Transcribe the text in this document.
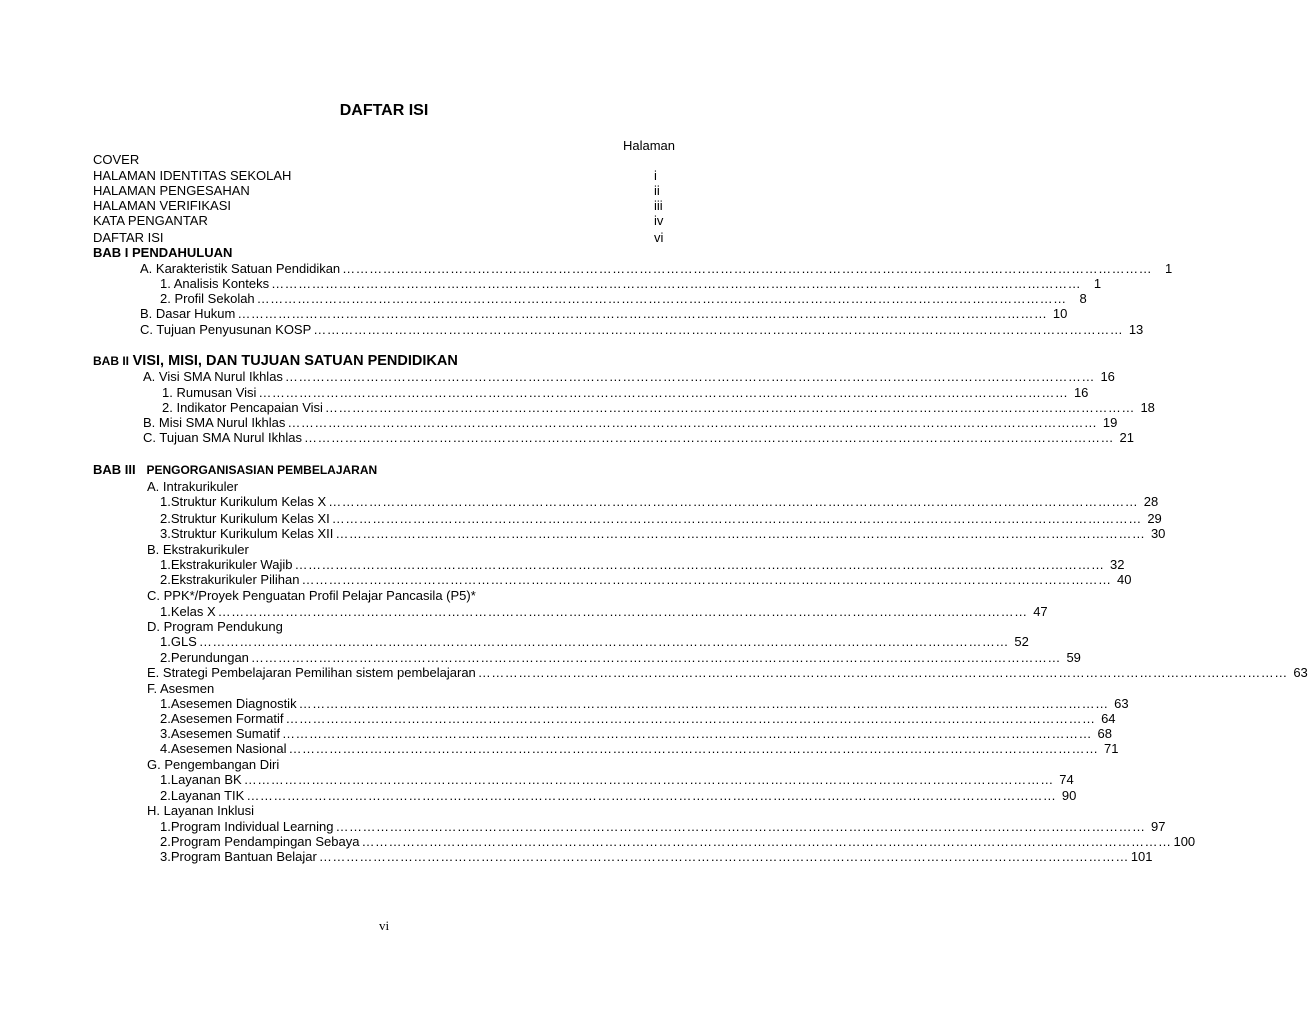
DAFTAR ISI
Halaman
COVER
HALAMAN IDENTITAS SEKOLAH	i
HALAMAN PENGESAHAN	ii
HALAMAN VERIFIKASI	iii
KATA PENGANTAR	iv
DAFTAR ISI	vi
BAB I PENDAHULUAN
A. Karakteristik Satuan Pendidikan ………………………………………………………………………………………………………………………………………………………………	1
1. Analisis Konteks ………………………………………………………………………………………………………………………………………………………………	1
2. Profil Sekolah ………………………………………………………………………………………………………………………………………………………………	8
B. Dasar Hukum ………………………………………………………………………………………………………………………………………………………………	10
C. Tujuan Penyusunan KOSP ………………………………………………………………………………………………………………………………………………………………	13
BAB II VISI, MISI, DAN TUJUAN SATUAN PENDIDIKAN
A. Visi SMA Nurul Ikhlas ………………………………………………………………………………………………………………………………………………………………	16
1. Rumusan Visi ………………………………………………………………………………………………………………………………………………………………	16
2. Indikator Pencapaian Visi ………………………………………………………………………………………………………………………………………………………………	18
B. Misi SMA Nurul Ikhlas ………………………………………………………………………………………………………………………………………………………………	19
C. Tujuan SMA Nurul Ikhlas ………………………………………………………………………………………………………………………………………………………………	21
BAB III PENGORGANISASIAN PEMBELAJARAN
A. Intrakurikuler
1.Struktur Kurikulum Kelas X ………………………………………………………………………………………………………………………………………………………………	28
2.Struktur Kurikulum Kelas XI ………………………………………………………………………………………………………………………………………………………………	29
3.Struktur Kurikulum Kelas XII ………………………………………………………………………………………………………………………………………………………………	30
B. Ekstrakurikuler
1.Ekstrakurikuler Wajib ………………………………………………………………………………………………………………………………………………………………	32
2.Ekstrakurikuler Pilihan ………………………………………………………………………………………………………………………………………………………………	40
C. PPK*/Proyek Penguatan Profil Pelajar Pancasila (P5)*
1.Kelas X ………………………………………………………………………………………………………………………………………………………………	47
D. Program Pendukung
1.GLS ………………………………………………………………………………………………………………………………………………………………	52
2.Perundungan ………………………………………………………………………………………………………………………………………………………………	59
E. Strategi Pembelajaran Pemilihan sistem pembelajaran ………………………………………………………………………………………………………………………………………………………………	63
F. Asesmen
1.Asesemen Diagnostik ………………………………………………………………………………………………………………………………………………………………	63
2.Asesemen Formatif ………………………………………………………………………………………………………………………………………………………………	64
3.Asesemen Sumatif ………………………………………………………………………………………………………………………………………………………………	68
4.Asesemen Nasional ………………………………………………………………………………………………………………………………………………………………	71
G. Pengembangan Diri
1.Layanan BK ………………………………………………………………………………………………………………………………………………………………	74
2.Layanan TIK ………………………………………………………………………………………………………………………………………………………………	90
H. Layanan Inklusi
1.Program Individual Learning ………………………………………………………………………………………………………………………………………………………………	97
2.Program Pendampingan Sebaya ………………………………………………………………………………………………………………………………………………………………	100
3.Program Bantuan Belajar ………………………………………………………………………………………………………………………………………………………………	101
vi
